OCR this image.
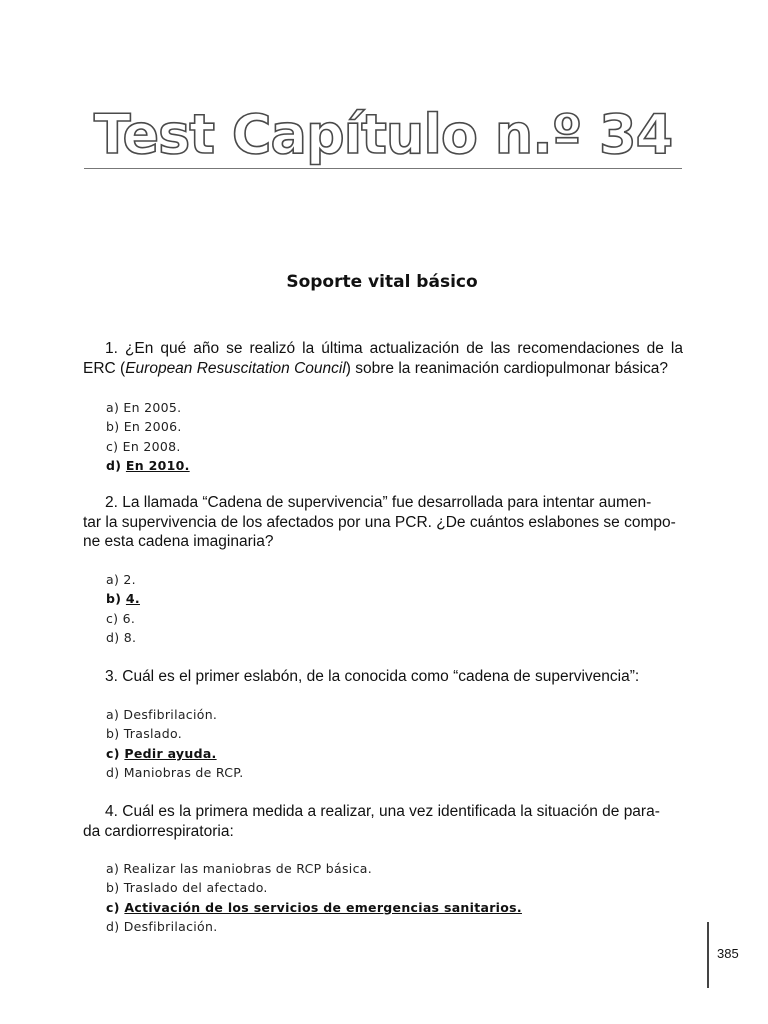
Test Capítulo n.º 34
Soporte vital básico

1. ¿En qué año se realizó la última actualización de las recomendaciones de la ERC (European Resuscitation Council) sobre la reanimación cardiopulmonar básica?

a) En 2005.
b) En 2006.
c) En 2008.
d) En 2010.

2. La llamada “Cadena de supervivencia” fue desarrollada para intentar aumen-
tar la supervivencia de los afectados por una PCR. ¿De cuántos eslabones se compo-
ne esta cadena imaginaria?

a) 2.
b) 4.
c) 6.
d) 8.

3. Cuál es el primer eslabón, de la conocida como “cadena de supervivencia”:

a) Desfibrilación.
b) Traslado.
c) Pedir ayuda.
d) Maniobras de RCP.

4. Cuál es la primera medida a realizar, una vez identificada la situación de para-
da cardiorrespiratoria:

a) Realizar las maniobras de RCP básica.
b) Traslado del afectado.
c) Activación de los servicios de emergencias sanitarios.
d) Desfibrilación.
385
